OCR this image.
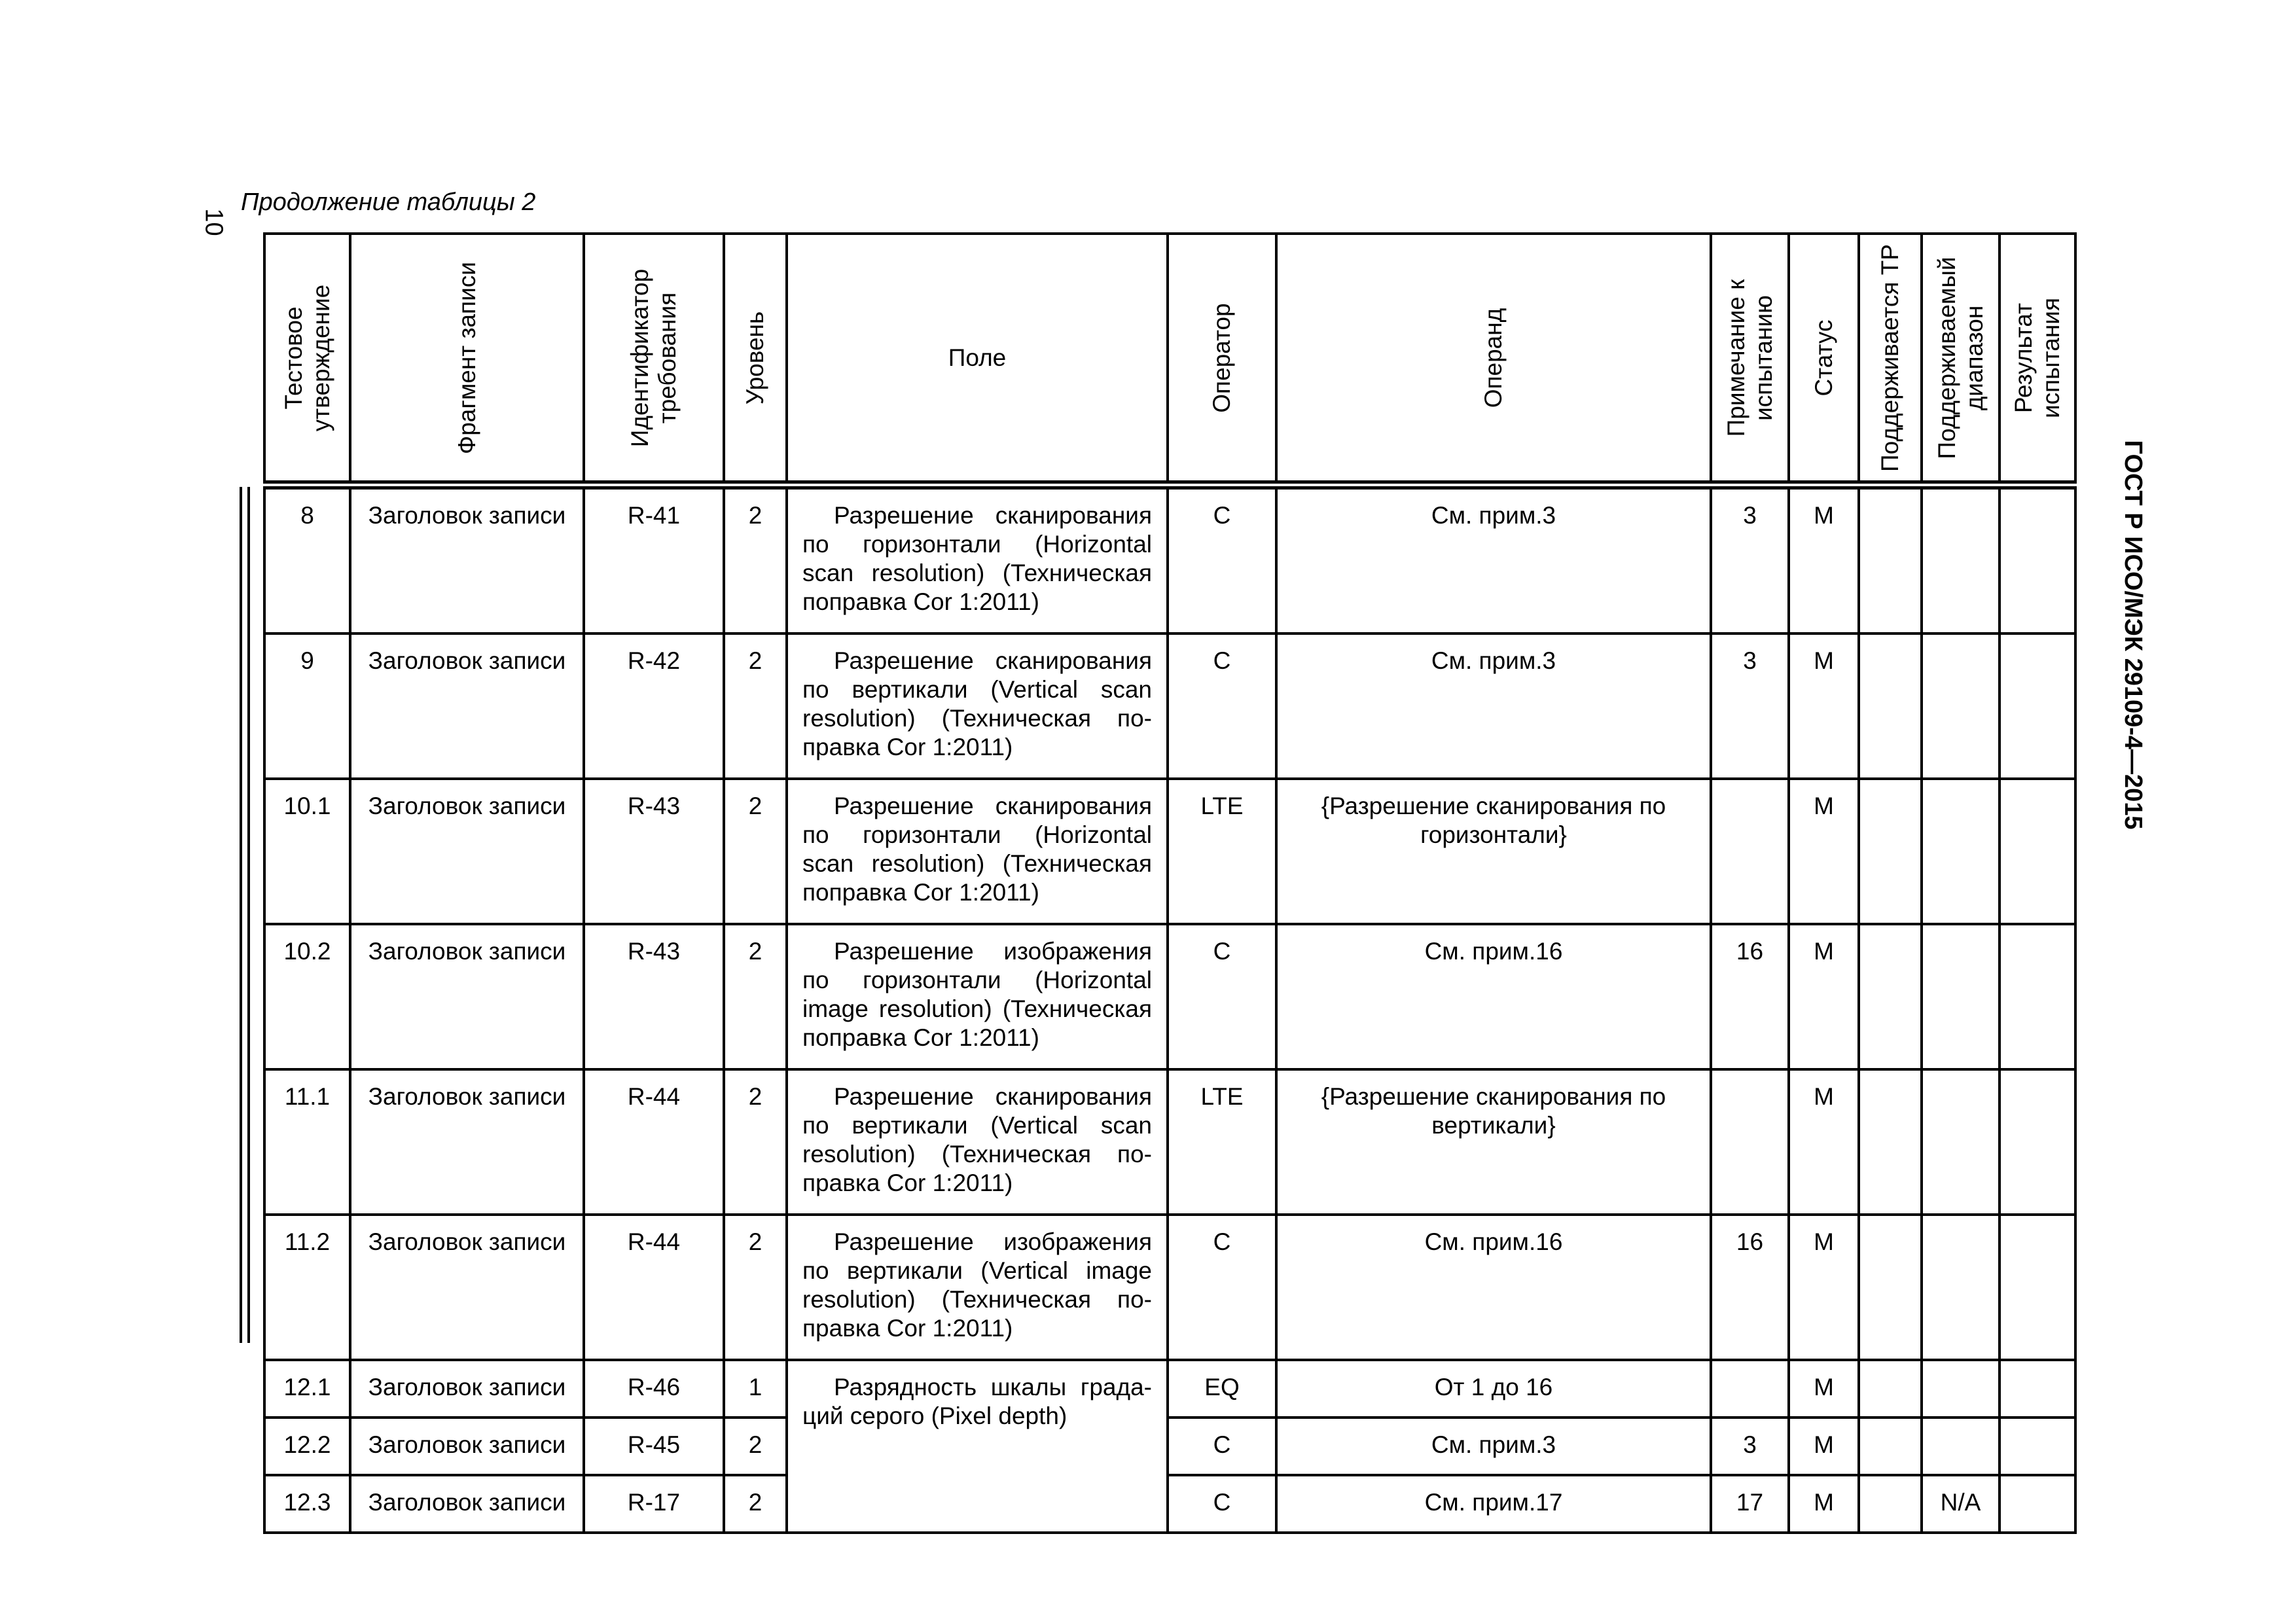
10
Продолжение таблицы 2
ГОСТ Р ИСО/МЭК 29109-4—2015
Тестовое утверждение	Фрагмент записи	Идентификатор требования	Уровень	Поле	Оператор	Операнд	Примечание к испытанию	Статус	Поддерживается TP	Поддерживаемый диапазон	Результат испытания

8	Заголовок записи	R-41	2	Разрешение сканирования по горизонтали (Horizontal scan resolution) (Техническая поправка Cor 1:2011)	C	См. прим.3	3	M			
9	Заголовок записи	R-42	2	Разрешение сканирования по вертикали (Vertical scan resolution) (Техническая по-правка Cor 1:2011)	C	См. прим.3	3	M			
10.1	Заголовок записи	R-43	2	Разрешение сканирования по горизонтали (Horizontal scan resolution) (Техническая поправка Cor 1:2011)	LTE	{Разрешение сканирования по горизонтали}		M			
10.2	Заголовок записи	R-43	2	Разрешение изображения по горизонтали (Horizontal image resolution) (Техническая поправка Cor 1:2011)	C	См. прим.16	16	M			
11.1	Заголовок записи	R-44	2	Разрешение сканирования по вертикали (Vertical scan resolution) (Техническая по-правка Cor 1:2011)	LTE	{Разрешение сканирования по вертикали}		M			
11.2	Заголовок записи	R-44	2	Разрешение изображения по вертикали (Vertical image resolution) (Техническая по-правка Cor 1:2011)	C	См. прим.16	16	M			
12.1	Заголовок записи	R-46	1	Разрядность шкалы града-ций серого (Pixel depth)	EQ	От 1 до 16		M			
12.2	Заголовок записи	R-45	2		C	См. прим.3	3	M			
12.3	Заголовок записи	R-17	2		C	См. прим.17	17	M		N/A	
